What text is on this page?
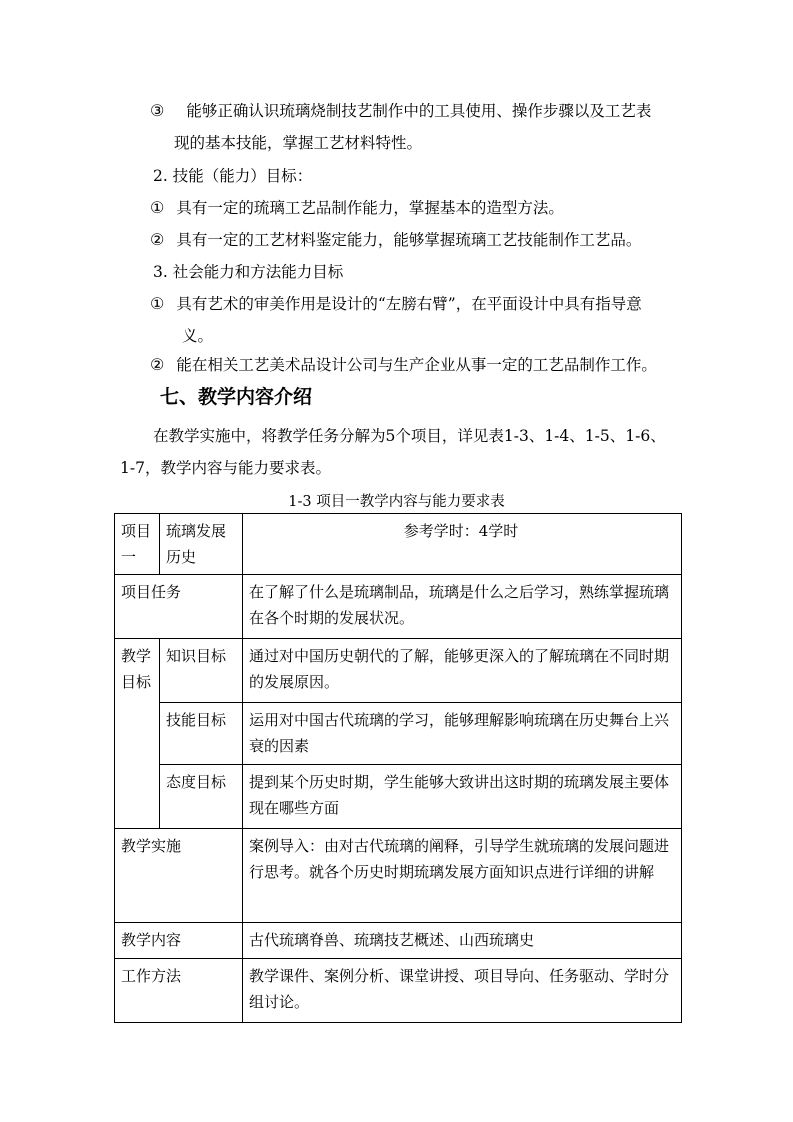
③ 能够正确认识琉璃烧制技艺制作中的工具使用、操作步骤以及工艺表
现的基本技能，掌握工艺材料特性。
2. 技能（能力）目标：
① 具有一定的琉璃工艺品制作能力，掌握基本的造型方法。
② 具有一定的工艺材料鉴定能力，能够掌握琉璃工艺技能制作工艺品。
3. 社会能力和方法能力目标
① 具有艺术的审美作用是设计的“左膀右臂”，在平面设计中具有指导意
义。
② 能在相关工艺美术品设计公司与生产企业从事一定的工艺品制作工作。
七、教学内容介绍
在教学实施中，将教学任务分解为5个项目，详见表1-3、1-4、1-5、1-6、
1-7，教学内容与能力要求表。
1-3 项目一教学内容与能力要求表
项目一	琉璃发展历史	参考学时：4学时
项目任务		在了解了什么是琉璃制品，琉璃是什么之后学习，熟练掌握琉璃在各个时期的发展状况。
教学目标	知识目标	通过对中国历史朝代的了解，能够更深入的了解琉璃在不同时期的发展原因。
	技能目标	运用对中国古代琉璃的学习，能够理解影响琉璃在历史舞台上兴衰的因素
	态度目标	提到某个历史时期，学生能够大致讲出这时期的琉璃发展主要体现在哪些方面
教学实施		案例导入：由对古代琉璃的阐释，引导学生就琉璃的发展问题进行思考。就各个历史时期琉璃发展方面知识点进行详细的讲解
教学内容		古代琉璃脊兽、琉璃技艺概述、山西琉璃史
工作方法		教学课件、案例分析、课堂讲授、项目导向、任务驱动、学时分组讨论。
